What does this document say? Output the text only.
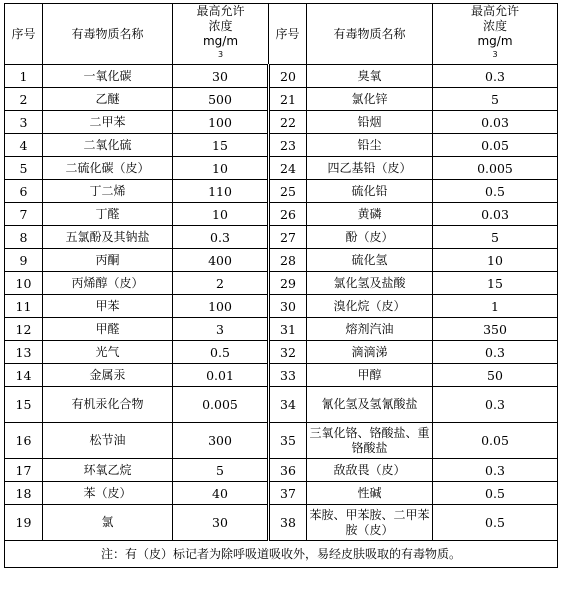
序号	有毒物质名称	最高允许
浓度
mg/m
3	序号	有毒物质名称	最高允许
浓度
mg/m
3

1	一氧化碳	30	20	臭氧	0.3
2	乙醚	500	21	氯化锌	5
3	二甲苯	100	22	铅烟	0.03
4	二氧化硫	15	23	铅尘	0.05
5	二硫化碳（皮）	10	24	四乙基铅（皮）	0.005
6	丁二烯	110	25	硫化铅	0.5
7	丁醛	10	26	黄磷	0.03
8	五氯酚及其钠盐	0.3	27	酚（皮）	5
9	丙酮	400	28	硫化氢	10
10	丙烯醇（皮）	2	29	氯化氢及盐酸	15
11	甲苯	100	30	溴化烷（皮）	1
12	甲醛	3	31	熔剂汽油	350
13	光气	0.5	32	滴滴涕	0.3
14	金属汞	0.01	33	甲醇	50
15	有机汞化合物	0.005	34	氰化氢及氢氰酸盐	0.3
16	松节油	300	35	三氧化铬、铬酸盐、重铬酸盐	0.05
17	环氧乙烷	5	36	敌敌畏（皮）	0.3
18	苯（皮）	40	37	性碱	0.5
19	氯	30	38	苯胺、甲苯胺、二甲苯胺（皮）	0.5
注：有（皮）标记者为除呼吸道吸收外，易经皮肤吸取的有毒物质。					
